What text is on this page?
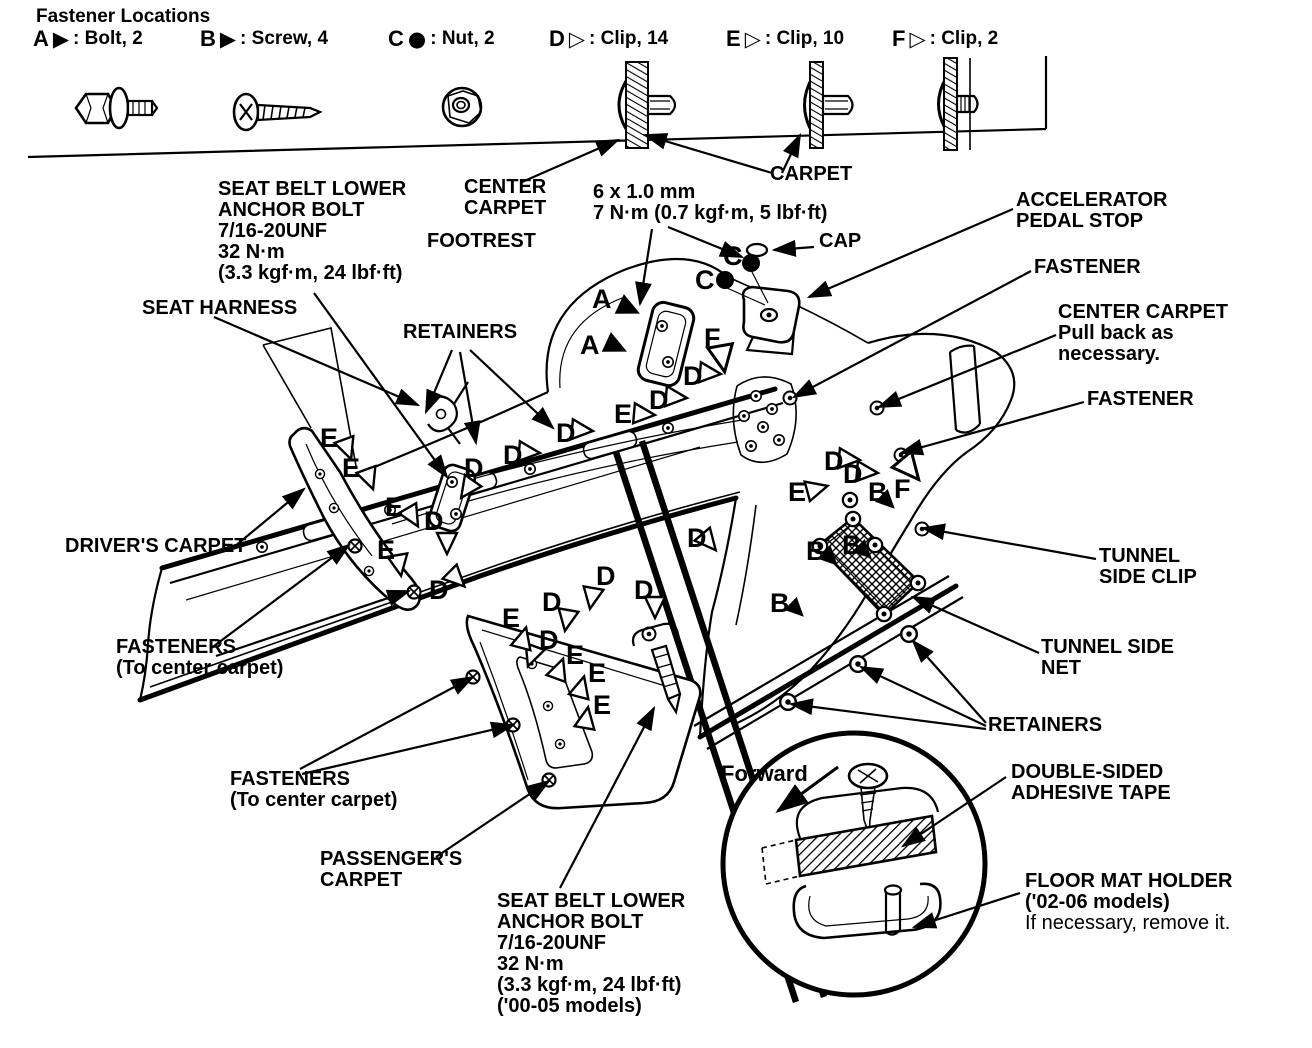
Fastener Locations
A ▶ : Bolt, 2	B ▶ : Screw, 4	C ● : Nut, 2 D ▷ : Clip, 14	E ▷ : Clip, 10 F ▷ : Clip, 2
SEAT BELT LOWER
ANCHOR BOLT
7/16-20UNF
32 N·m
(3.3 kgf·m, 24 lbf·ft)
CENTER
CARPET
FOOTREST
6 x 1.0 mm
7 N·m (0.7 kgf·m, 5 lbf·ft)
CARPET
CAP
ACCELERATOR
PEDAL STOP
FASTENER
CENTER CARPET
Pull back as
necessary.
FASTENER
SEAT HARNESS
RETAINERS
DRIVER'S CARPET
FASTENERS
(To center carpet)
TUNNEL
SIDE CLIP
TUNNEL SIDE
NET
RETAINERS
FASTENERS
(To center carpet)
PASSENGER'S
CARPET
Forward
SEAT BELT LOWER
ANCHOR BOLT
7/16-20UNF
32 N·m
(3.3 kgf·m, 24 lbf·ft)
('00-05 models)
DOUBLE-SIDED
ADHESIVE TAPE
FLOOR MAT HOLDER
('02-06 models)
If necessary, remove it.
A
A
B
B
B
B
C
C
D
D
D
D
D
D
D	D D
D
D
D
D D
E
E
E
E
E
E
E
E
E
E
F
F
